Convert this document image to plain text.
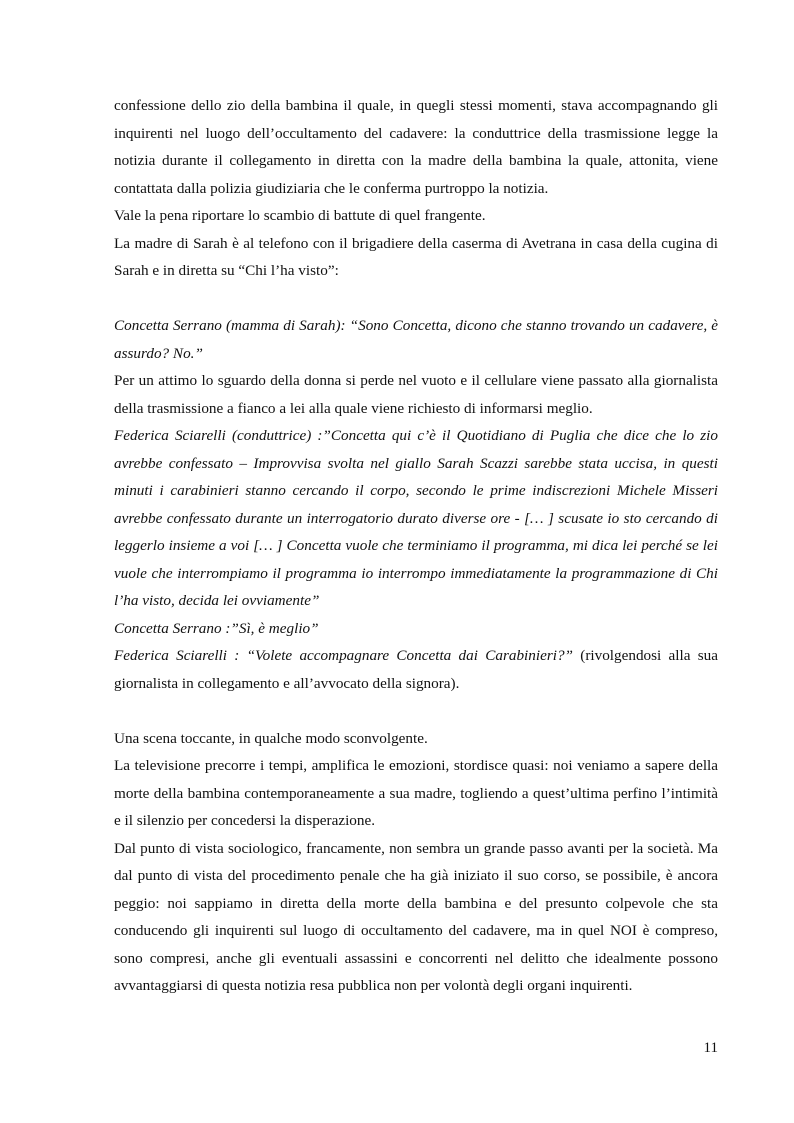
confessione dello zio della bambina il quale, in quegli stessi momenti, stava accompagnando gli inquirenti nel luogo dell’occultamento del cadavere: la conduttrice della trasmissione legge la notizia durante il collegamento in diretta con la madre della bambina la quale, attonita, viene contattata dalla polizia giudiziaria che le conferma purtroppo la notizia.

Vale la pena riportare lo scambio di battute di quel frangente.

La madre di Sarah è al telefono con il brigadiere della caserma di Avetrana in casa della cugina di Sarah e in diretta su “Chi l’ha visto”:

Concetta Serrano (mamma di Sarah): “Sono Concetta, dicono che stanno trovando un cadavere, è assurdo? No.”

Per un attimo lo sguardo della donna si perde nel vuoto e il cellulare viene passato alla giornalista della trasmissione a fianco a lei alla quale viene richiesto di informarsi meglio.

Federica Sciarelli (conduttrice) :”Concetta qui c’è il Quotidiano di Puglia che dice che lo zio avrebbe confessato – Improvvisa svolta nel giallo Sarah Scazzi sarebbe stata uccisa, in questi minuti i carabinieri stanno cercando il corpo, secondo le prime indiscrezioni Michele Misseri avrebbe confessato durante un interrogatorio durato diverse ore - [… ] scusate io sto cercando di leggerlo insieme a voi [… ] Concetta vuole che terminiamo il programma, mi dica lei perché se lei vuole che interrompiamo il programma io interrompo immediatamente la programmazione di Chi l’ha visto, decida lei ovviamente”

Concetta Serrano :”Sì, è meglio”

Federica Sciarelli : “Volete accompagnare Concetta dai Carabinieri?” (rivolgendosi alla sua giornalista in collegamento e all’avvocato della signora).

Una scena toccante, in qualche modo sconvolgente.

La televisione precorre i tempi, amplifica le emozioni, stordisce quasi: noi veniamo a sapere della morte della bambina contemporaneamente a sua madre, togliendo a quest’ultima perfino l’intimità e il silenzio per concedersi la disperazione.

Dal punto di vista sociologico, francamente, non sembra un grande passo avanti per la società. Ma dal punto di vista del procedimento penale che ha già iniziato il suo corso, se possibile, è ancora peggio: noi sappiamo in diretta della morte della bambina e del presunto colpevole che sta conducendo gli inquirenti sul luogo di occultamento del cadavere, ma in quel NOI è compreso, sono compresi, anche gli eventuali assassini e concorrenti nel delitto che idealmente possono avvantaggiarsi di questa notizia resa pubblica non per volontà degli organi inquirenti.

11
